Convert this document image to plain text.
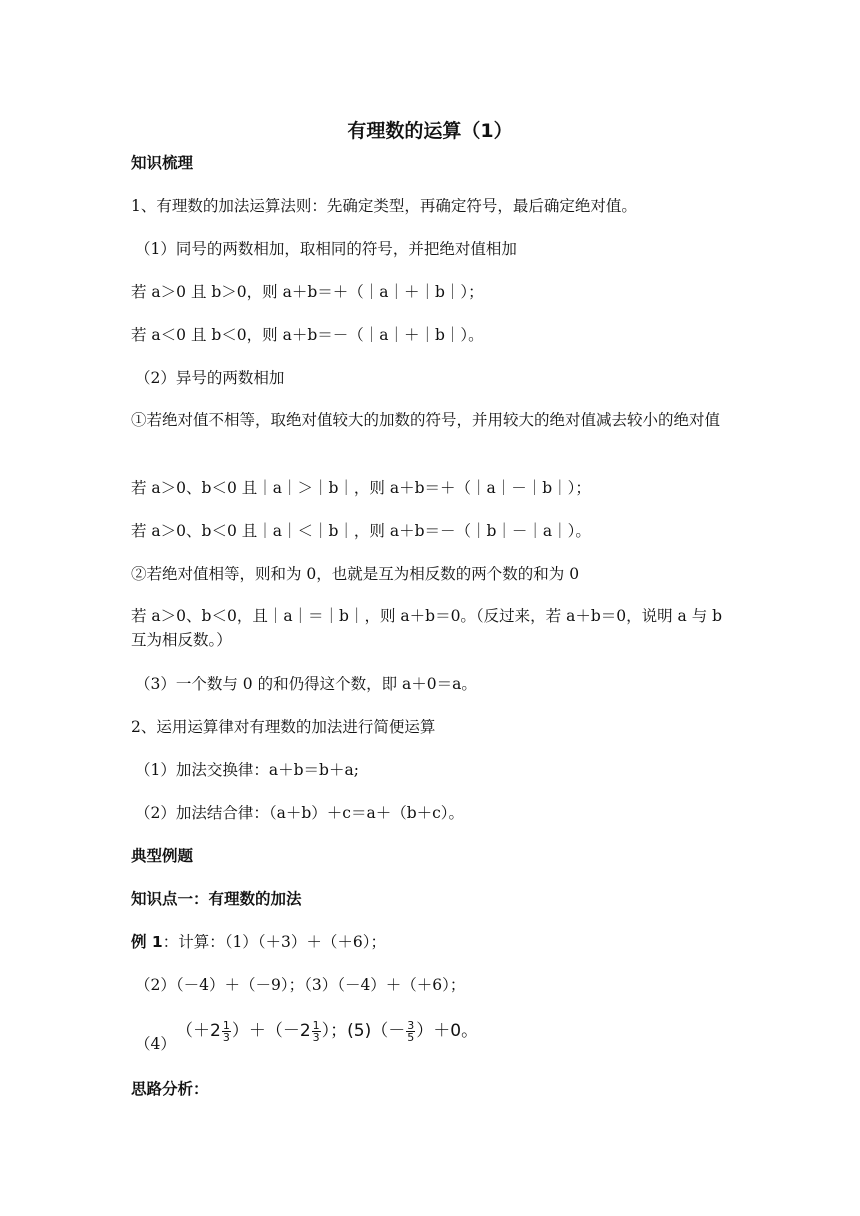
有理数的运算（1）
知识梳理
1、有理数的加法运算法则：先确定类型，再确定符号，最后确定绝对值。
（1）同号的两数相加，取相同的符号，并把绝对值相加
若 a＞0 且 b＞0，则 a＋b＝＋（｜a｜＋｜b｜）；
若 a＜0 且 b＜0，则 a＋b＝－（｜a｜＋｜b｜）。
（2）异号的两数相加
①若绝对值不相等，取绝对值较大的加数的符号，并用较大的绝对值减去较小的绝对值
若 a＞0、b＜0 且｜a｜＞｜b｜，则 a＋b＝＋（｜a｜－｜b｜）；
若 a＞0、b＜0 且｜a｜＜｜b｜，则 a＋b＝－（｜b｜－｜a｜）。
②若绝对值相等，则和为 0，也就是互为相反数的两个数的和为 0
若 a＞0、b＜0，且｜a｜＝｜b｜，则 a＋b＝0。（反过来，若 a＋b＝0，说明 a 与 b 互为相反数。）
（3）一个数与 0 的和仍得这个数，即 a＋0＝a。
2、运用运算律对有理数的加法进行简便运算
（1）加法交换律：a＋b＝b＋a;
（2）加法结合律：（a＋b）＋c＝a＋（b＋c）。
典型例题
知识点一：有理数的加法
例 1：计算：（1）（＋3）＋（＋6）；
（2）（－4）＋（－9）；（3）（－4）＋（＋6）；
（4）
$(+2 \frac{1}{3} )+(-2 \frac{1}{3}$ ）；$(5)(- \frac{3}{5} )+0$。
思路分析：
